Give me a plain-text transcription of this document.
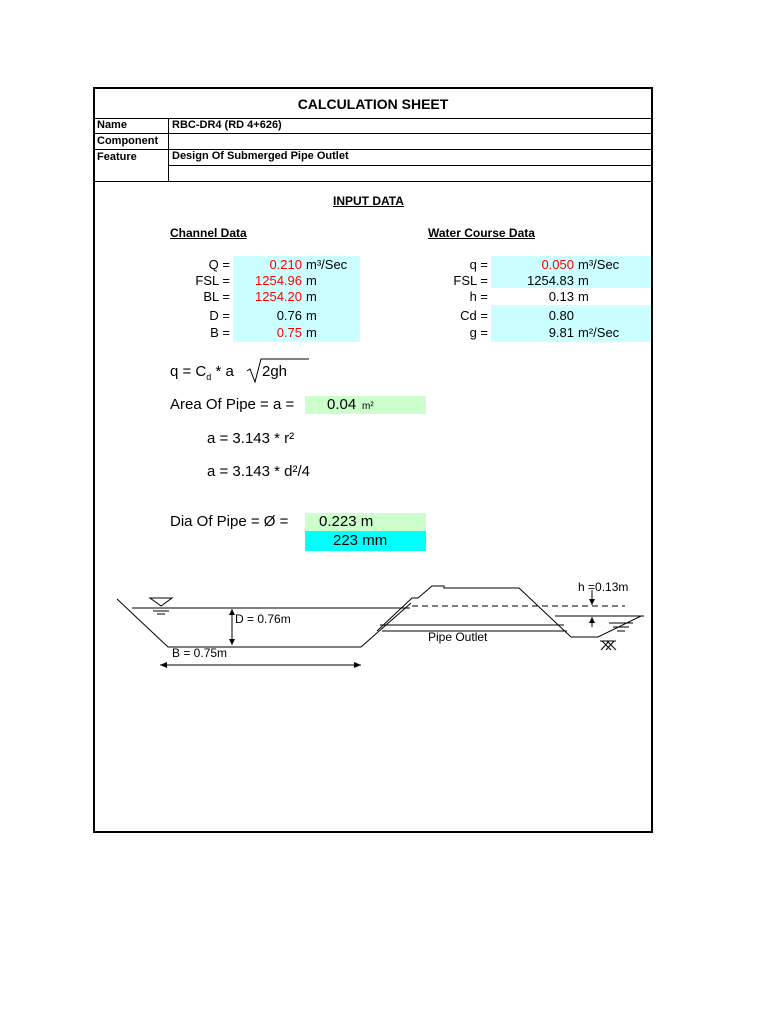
CALCULATION SHEET
Name	RBC-DR4 (RD 4+626)
Component
Feature	Design Of Submerged Pipe Outlet
INPUT DATA
Channel Data
Q =	0.210 m³/Sec
FSL =	1254.96 m
BL =	1254.20 m
D =	0.76 m
B =	0.75 m
Water Course Data
q =	0.050 m³/Sec
FSL =	1254.83 m
h =	0.13 m
Cd =	0.80
g =	9.81 m²/Sec
$q = C_d * a$ 2gh
Area Of Pipe = a = 0.04 m²
a = 3.143 * r²
a = 3.143 * d²/4
Dia Of Pipe = Ø = 0.223 m
223 mm
D = 0.76m
B = 0.75m
h =0.13m
Pipe Outlet
